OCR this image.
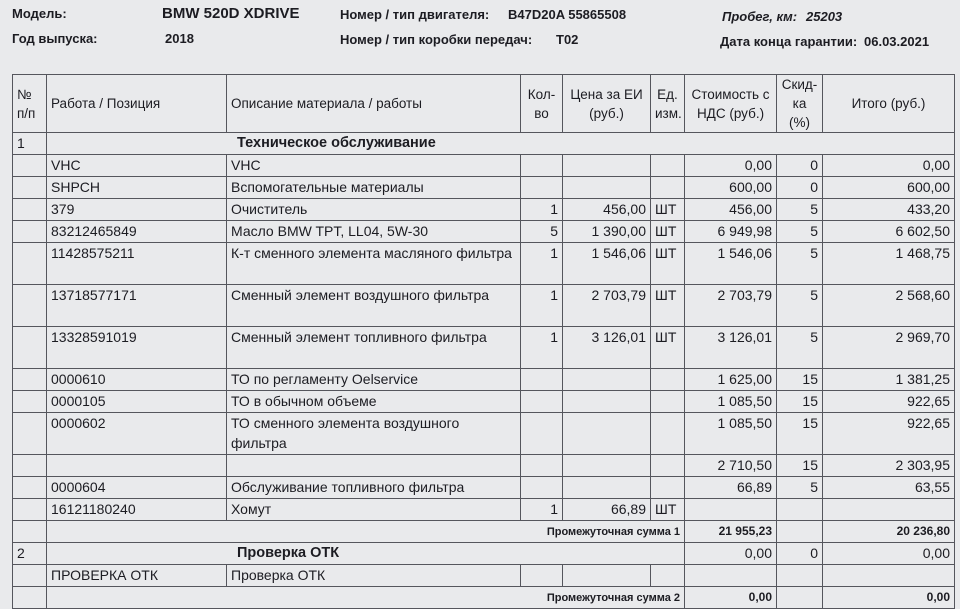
Модель:	BMW 520D XDRIVE	Номер / тип двигателя: B47D20A 55865508	Пробег, км: 25203
Год выпуска:	2018	Номер / тип коробки передач: T02	Дата конца гарантии: 06.03.2021
№ п/п	Работа / Позиция	Описание материала / работы	Кол-во	Цена за ЕИ (руб.)	Ед. изм.	Стоимость с НДС (руб.)	Скид-ка (%)	Итого (руб.)
1	Техническое обслуживание							
	VHC	VHC				0,00	0	0,00
	SHPCH	Вспомогательные материалы				600,00	0	600,00
	379	Очиститель	1	456,00	ШТ	456,00	5	433,20
	83212465849	Масло BMW TPT, LL04, 5W-30	5	1 390,00	ШТ	6 949,98	5	6 602,50
	11428575211	К-т сменного элемента масляного фильтра	1	1 546,06	ШТ	1 546,06	5	1 468,75
	13718577171	Сменный элемент воздушного фильтра	1	2 703,79	ШТ	2 703,79	5	2 568,60
	13328591019	Сменный элемент топливного фильтра	1	3 126,01	ШТ	3 126,01	5	2 969,70
	0000610	ТО по регламенту Oelservice				1 625,00	15	1 381,25
	0000105	ТО в обычном объеме				1 085,50	15	922,65
	0000602	ТО сменного элемента воздушного фильтра				1 085,50	15	922,65
						2 710,50	15	2 303,95
	0000604	Обслуживание топливного фильтра				66,89	5	63,55
	16121180240	Хомут	1	66,89	ШТ			
	Промежуточная сумма 1					21 955,23		20 236,80
2	Проверка ОТК					0,00	0	0,00
	ПРОВЕРКА ОТК	Проверка ОТК						
	Промежуточная сумма 2					0,00		0,00
